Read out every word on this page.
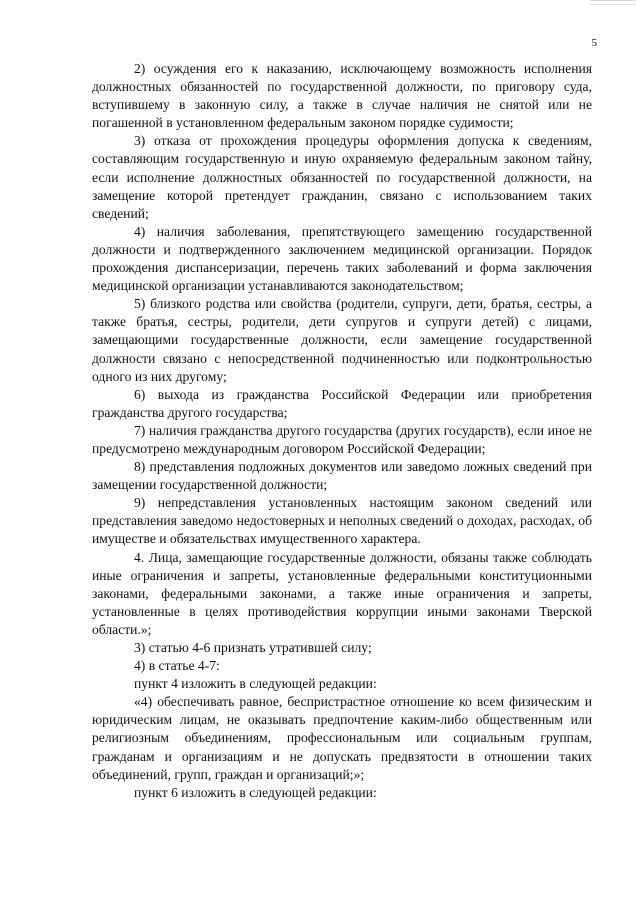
5

2) осуждения его к наказанию, исключающему возможность исполнения должностных обязанностей по государственной должности, по приговору суда, вступившему в законную силу, а также в случае наличия не снятой или не погашенной в установленном федеральным законом порядке судимости;

3) отказа от прохождения процедуры оформления допуска к сведениям, составляющим государственную и иную охраняемую федеральным законом тайну, если исполнение должностных обязанностей по государственной должности, на замещение которой претендует гражданин, связано с использованием таких сведений;

4) наличия заболевания, препятствующего замещению государственной должности и подтвержденного заключением медицинской организации. Порядок прохождения диспансеризации, перечень таких заболеваний и форма заключения медицинской организации устанавливаются законодательством;

5) близкого родства или свойства (родители, супруги, дети, братья, сестры, а также братья, сестры, родители, дети супругов и супруги детей) с лицами, замещающими государственные должности, если замещение государственной должности связано с непосредственной подчиненностью или подконтрольностью одного из них другому;

6) выхода из гражданства Российской Федерации или приобретения гражданства другого государства;

7) наличия гражданства другого государства (других государств), если иное не предусмотрено международным договором Российской Федерации;

8) представления подложных документов или заведомо ложных сведений при замещении государственной должности;

9) непредставления установленных настоящим законом сведений или представления заведомо недостоверных и неполных сведений о доходах, расходах, об имуществе и обязательствах имущественного характера.

4. Лица, замещающие государственные должности, обязаны также соблюдать иные ограничения и запреты, установленные федеральными конституционными законами, федеральными законами, а также иные ограничения и запреты, установленные в целях противодействия коррупции иными законами Тверской области.»;

3) статью 4-6 признать утратившей силу;

4) в статье 4-7:

пункт 4 изложить в следующей редакции:

«4) обеспечивать равное, беспристрастное отношение ко всем физическим и юридическим лицам, не оказывать предпочтение каким-либо общественным или религиозным объединениям, профессиональным или социальным группам, гражданам и организациям и не допускать предвзятости в отношении таких объединений, групп, граждан и организаций;»;

пункт 6 изложить в следующей редакции:
